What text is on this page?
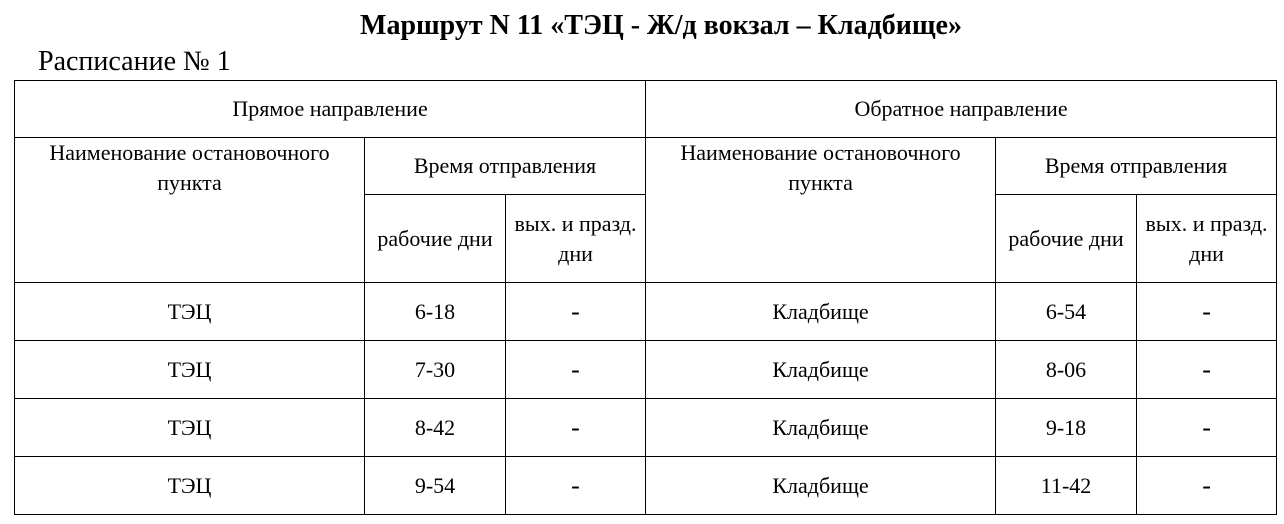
Маршрут N 11 «ТЭЦ - Ж/д вокзал – Кладбище»
Расписание № 1
Прямое направление			Обратное направление		
Наименование остановочного пункта	Время отправления		Наименование остановочного пункта	Время отправления	
	рабочие дни	вых. и празд. дни		рабочие дни	вых. и празд. дни
ТЭЦ	6-18	-	Кладбище	6-54	-
ТЭЦ	7-30	-	Кладбище	8-06	-
ТЭЦ	8-42	-	Кладбище	9-18	-
ТЭЦ	9-54	-	Кладбище	11-42	-
